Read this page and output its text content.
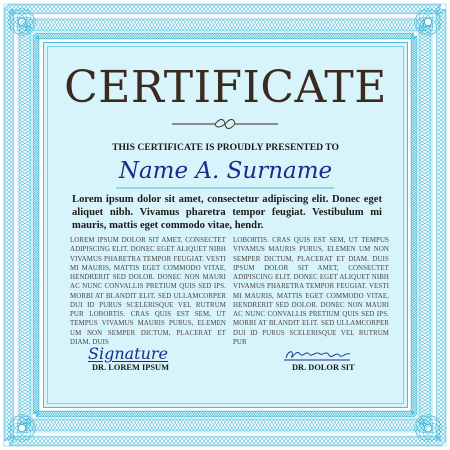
CERTIFICATE
THIS CERTIFICATE IS PROUDLY PRESENTED TO
Name A. Surname
Lorem ipsum dolor sit amet, consectetur adipiscing elit. Donec eget aliquet nibh. Vivamus pharetra tempor feugiat. Vestibulum mi mauris, mattis eget commodo vitae, hendr.
LOREM IPSUM DOLOR SIT AMET, CONSECTET ADIPISCING ELIT. DONEC EGET ALIQUET NIBH VIVAMUS PHARETRA TEMPOR FEUGIAT. VESTI MI MAURIS, MATTIS EGET COMMODO VITAE, HENDRERIT SED DOLOR. DONEC NON MAURI AC NUNC CONVALLIS PRETIUM QUIS SED IPS. MORBI AT BLANDIT ELIT. SED ULLAMCORPER DUI ID PURUS SCELERISQUE VEL RUTRUM PUR LOBORTIS. CRAS QUIS EST SEM, UT TEMPUS VIVAMUS MAURIS PURUS, ELEMEN UM NON SEMPER DICTUM, PLACERAT ET DIAM. DUIS
LOBORTIS. CRAS QUIS EST SEM, UT TEMPUS VIVAMUS MAURIS PURUS, ELEMEN UM NON SEMPER DICTUM, PLACERAT ET DIAM. DUIS IPSUM DOLOR SIT AMET, CONSECTET ADIPISCING ELIT. DONEC EGET ALIQUET NIBH VIVAMUS PHARETRA TEMPOR FEUGIAT. VESTI MI MAURIS, MATTIS EGET COMMODO VITAE, HENDRERIT SED DOLOR. DONEC NON MAURI AC NUNC CONVALLIS PRETIUM QUIS SED IPS. MORBI AT BLANDIT ELIT. SED ULLAMCORPER DUI ID PURUS SCELERISQUE VEL RUTRUM PUR
Signature
DR. LOREM IPSUM	DR. DOLOR SIT
